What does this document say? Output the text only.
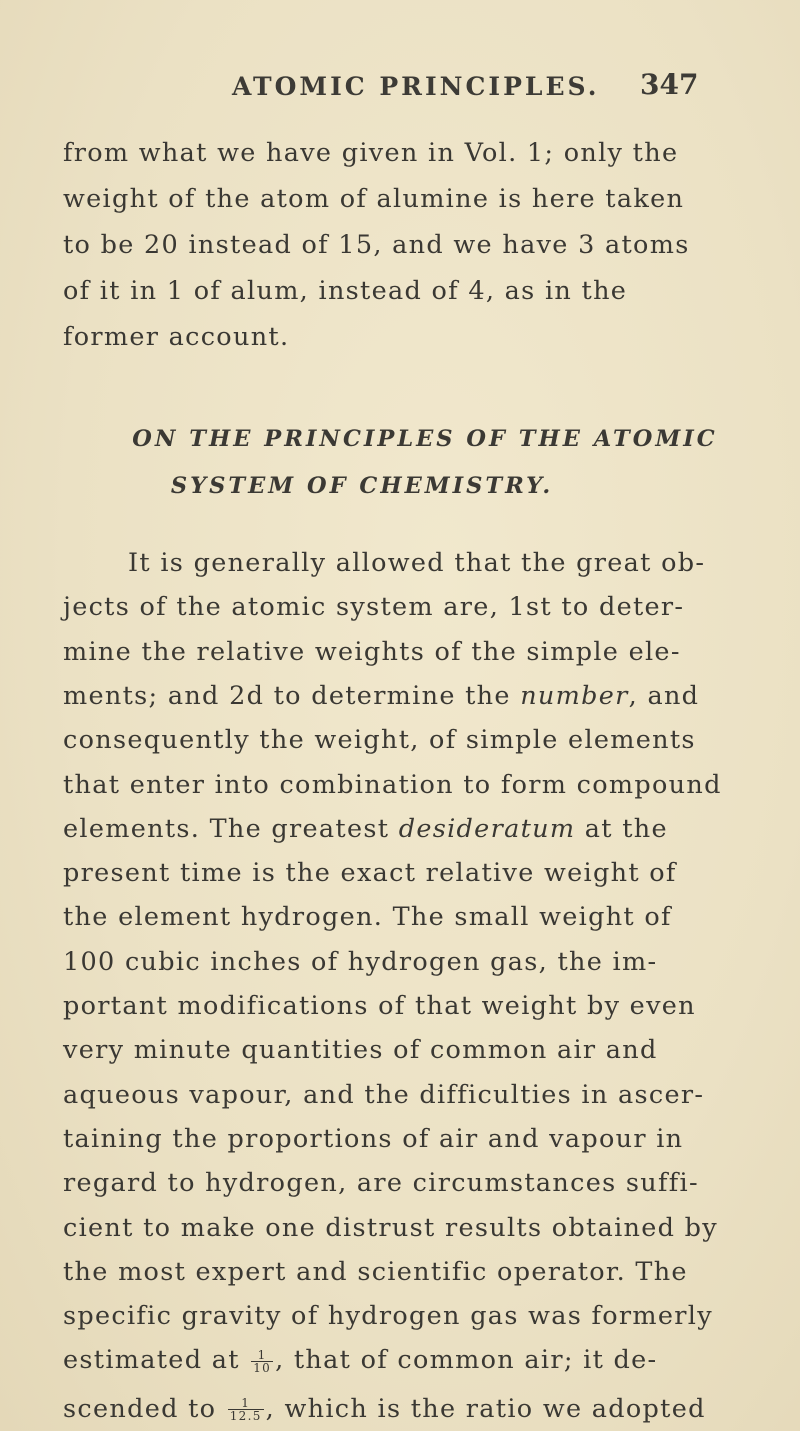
ATOMIC PRINCIPLES. 347
from what we have given in Vol. 1; only the
weight of the atom of alumine is here taken
to be 20 instead of 15, and we have 3 atoms
of it in 1 of alum, instead of 4, as in the
former account.
ON THE PRINCIPLES OF THE ATOMIC
SYSTEM OF CHEMISTRY.
It is generally allowed that the great ob-
jects of the atomic system are, 1st to deter-
mine the relative weights of the simple ele-
ments; and 2d to determine the number, and
consequently the weight, of simple elements
that enter into combination to form compound
elements. The greatest desideratum at the
present time is the exact relative weight of
the element hydrogen. The small weight of
100 cubic inches of hydrogen gas, the im-
portant modifications of that weight by even
very minute quantities of common air and
aqueous vapour, and the difficulties in ascer-
taining the proportions of air and vapour in
regard to hydrogen, are circumstances suffi-
cient to make one distrust results obtained by
the most expert and scientific operator. The
specific gravity of hydrogen gas was formerly
estimated at $\frac{1}{10}$ , that of common air; it de-
scended to $\frac{1}{12.5}$ , which is the ratio we adopted
